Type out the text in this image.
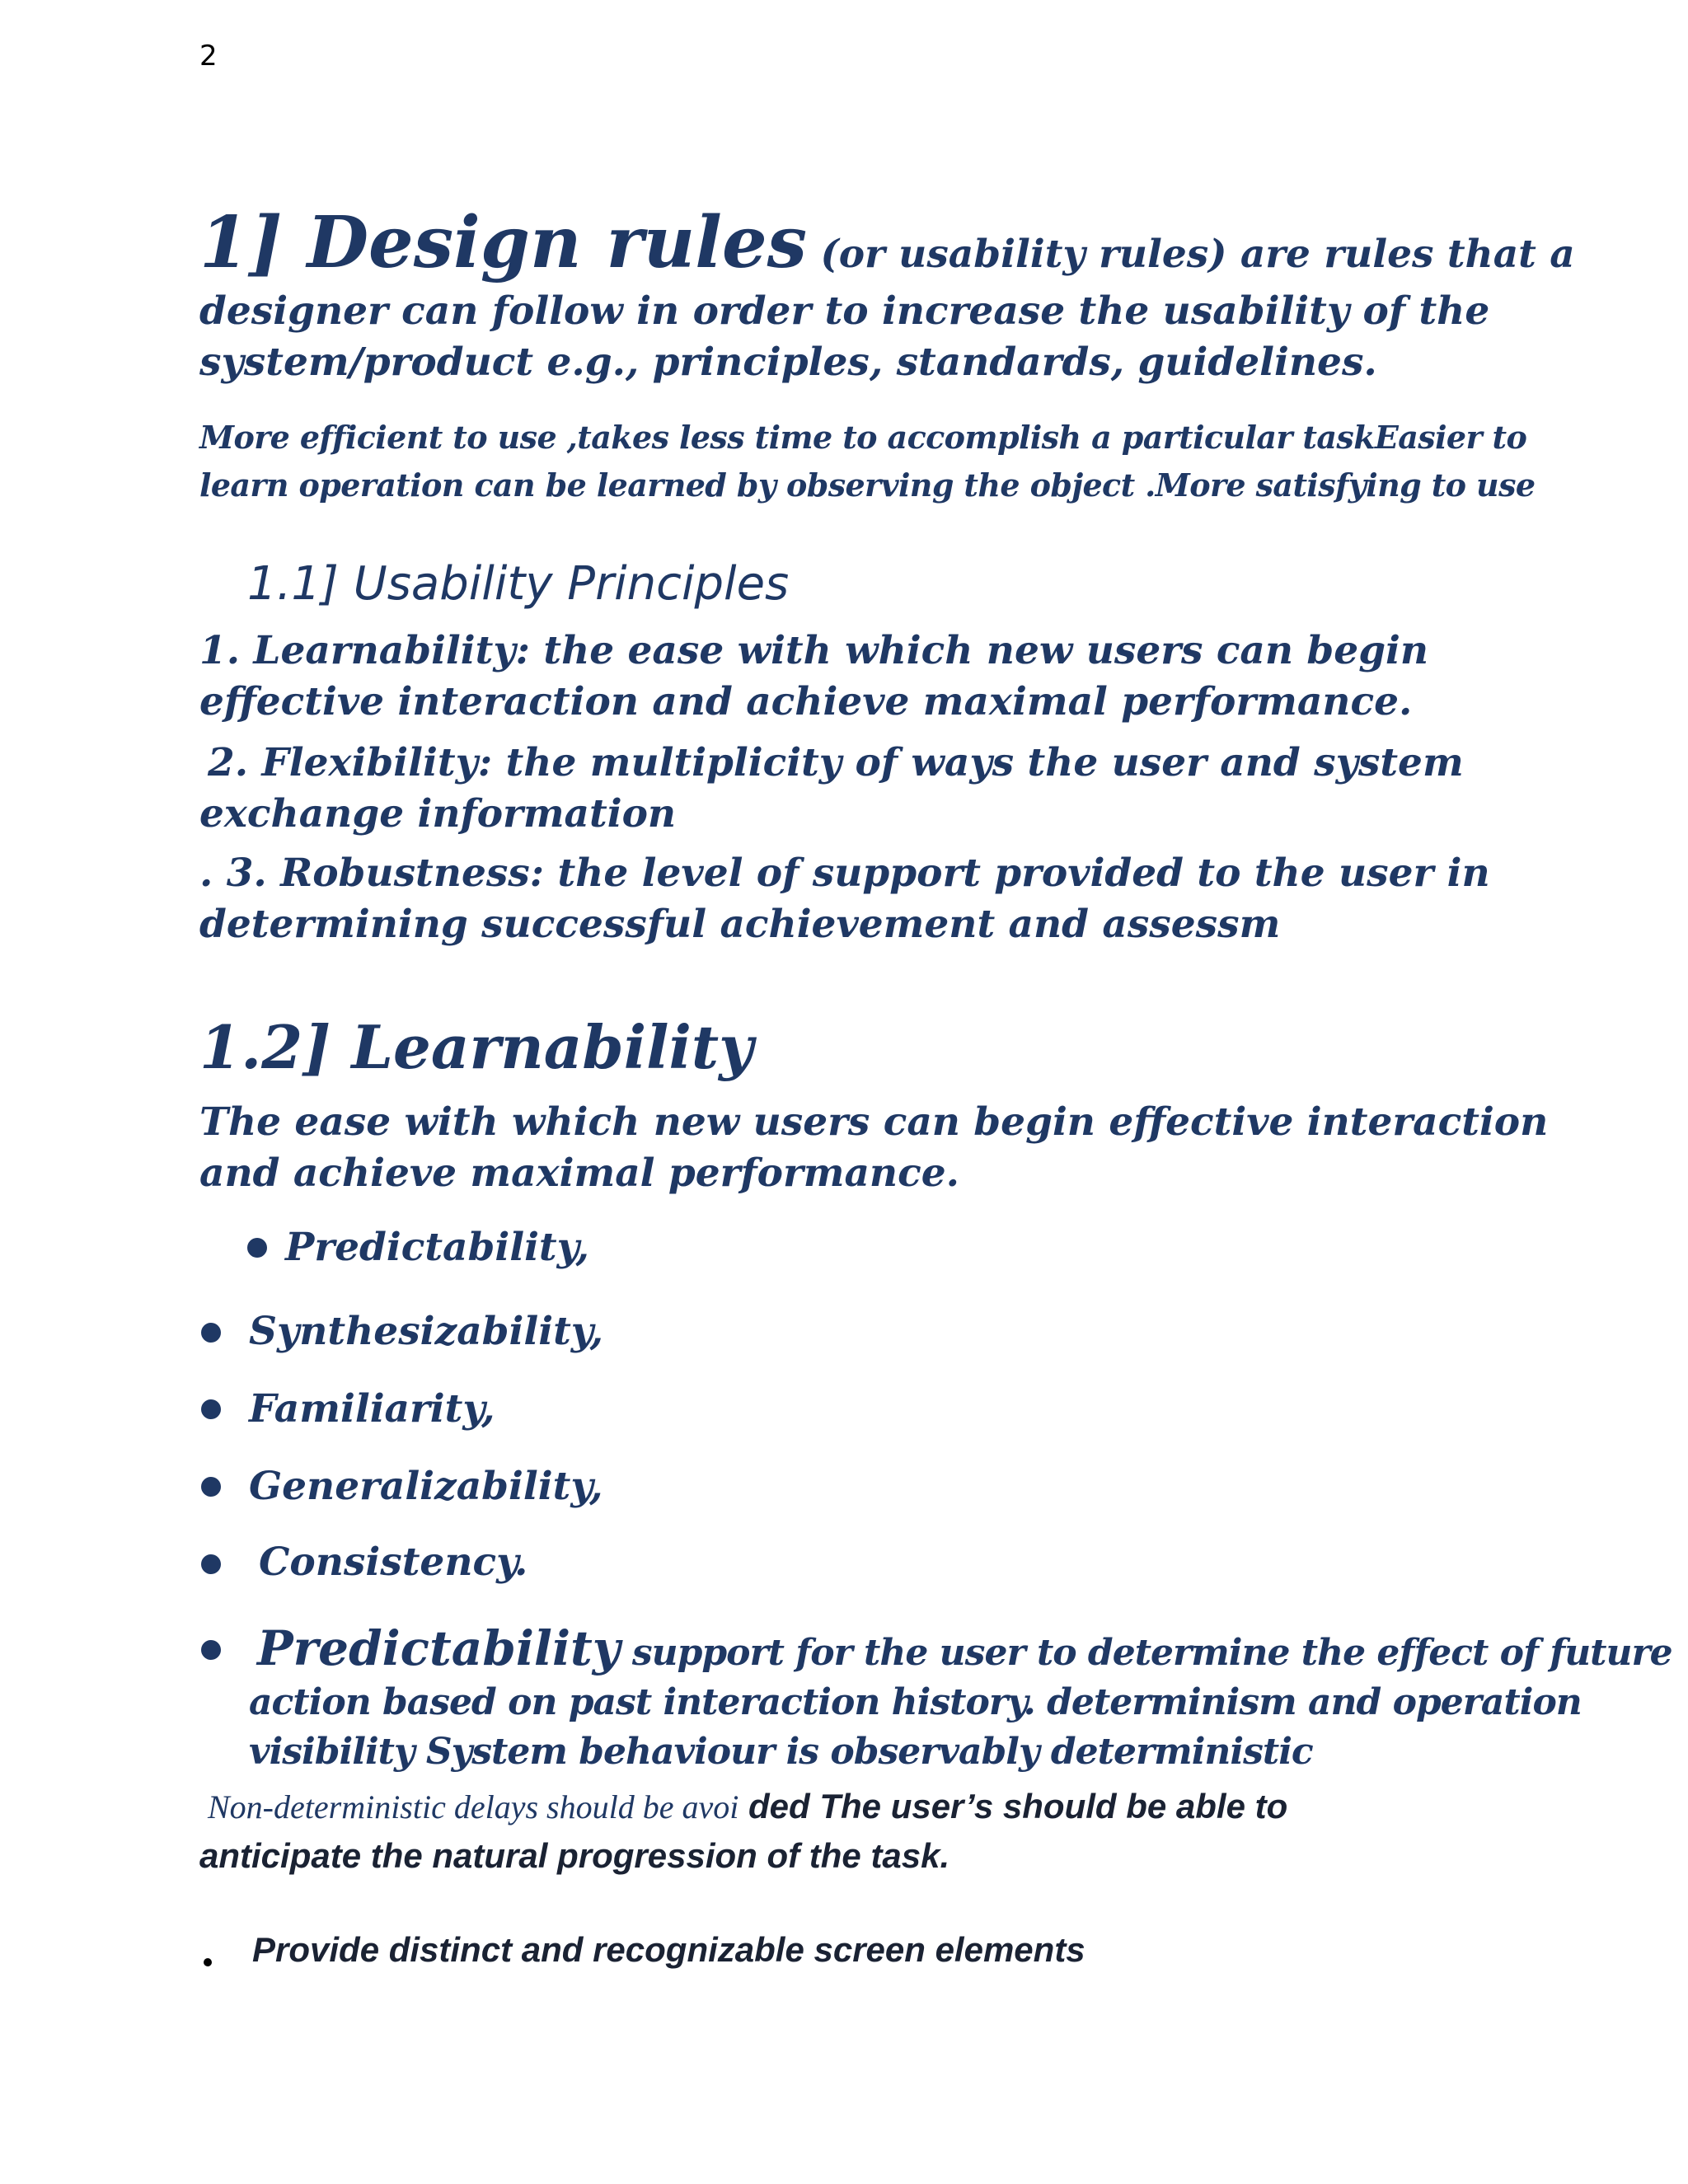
2
1] Design rules (or usability rules) are rules that a
designer can follow in order to increase the usability of the
system/product e.g., principles, standards, guidelines.
More efficient to use ,takes less time to accomplish a particular taskEasier to
learn operation can be learned by observing the object .More satisfying to use
1.1] Usability Principles
1. Learnability: the ease with which new users can begin
effective interaction and achieve maximal performance.
2. Flexibility: the multiplicity of ways the user and system
exchange information
. 3. Robustness: the level of support provided to the user in
determining successful achievement and assessm
1.2] Learnability
The ease with which new users can begin effective interaction
and achieve maximal performance.
Predictability,
Synthesizability,
Familiarity,
Generalizability,
Consistency.
Predictability support for the user to determine the effect of future
action based on past interaction history. determinism and operation
visibility System behaviour is observably deterministic
Non-deterministic delays should be avoi ded The user’s should be able to
anticipate the natural progression of the task.
Provide distinct and recognizable screen elements
